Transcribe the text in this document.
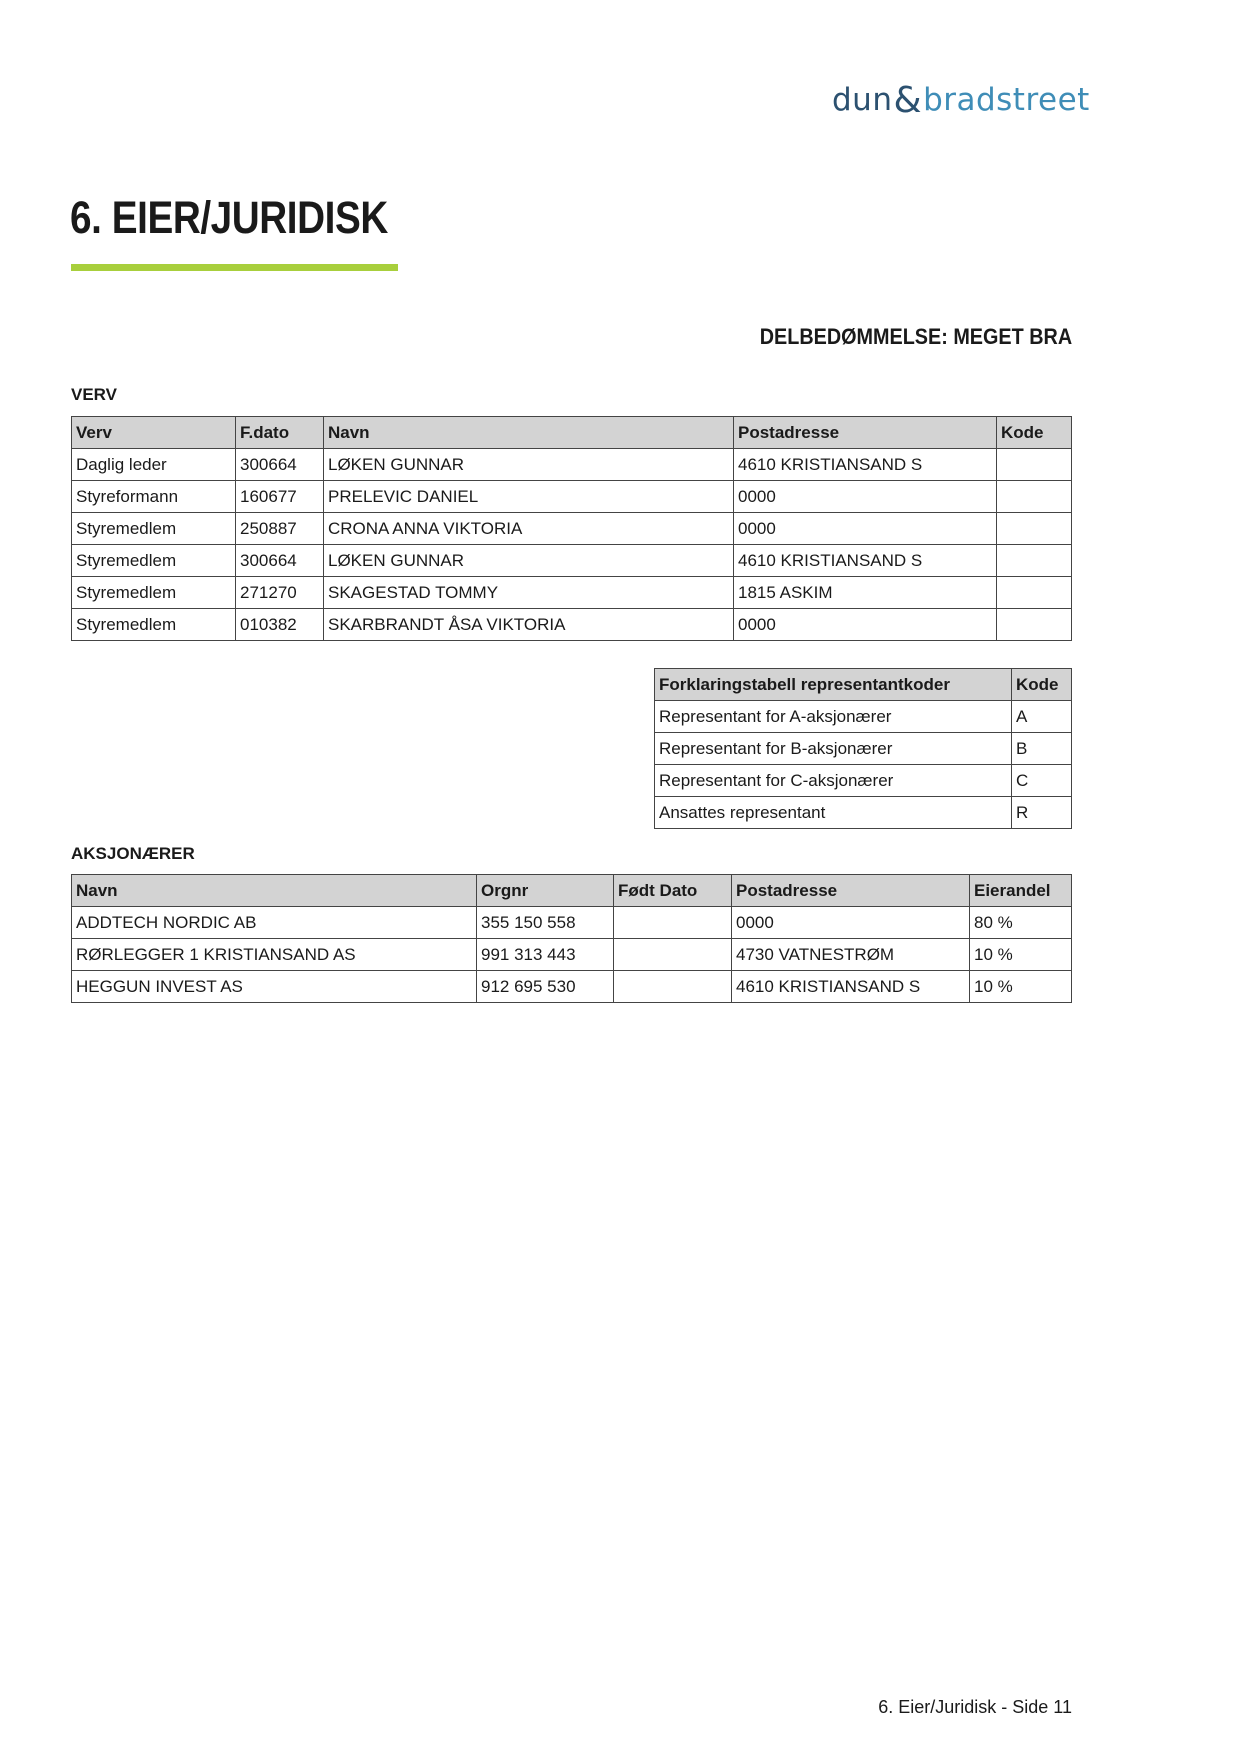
dun & bradstreet
6. EIER/JURIDISK
DELBEDØMMELSE: MEGET BRA
VERV
Verv	F.dato	Navn	Postadresse	Kode
Daglig leder	300664	LØKEN GUNNAR	4610 KRISTIANSAND S	
Styreformann	160677	PRELEVIC DANIEL	0000	
Styremedlem	250887	CRONA ANNA VIKTORIA	0000	
Styremedlem	300664	LØKEN GUNNAR	4610 KRISTIANSAND S	
Styremedlem	271270	SKAGESTAD TOMMY	1815 ASKIM	
Styremedlem	010382	SKARBRANDT ÅSA VIKTORIA	0000	
Forklaringstabell representantkoder	Kode
Representant for A-aksjonærer	A
Representant for B-aksjonærer	B
Representant for C-aksjonærer	C
Ansattes representant	R
AKSJONÆRER
Navn	Orgnr	Født Dato	Postadresse	Eierandel
ADDTECH NORDIC AB	355 150 558		0000	80 %
RØRLEGGER 1 KRISTIANSAND AS	991 313 443		4730 VATNESTRØM	10 %
HEGGUN INVEST AS	912 695 530		4610 KRISTIANSAND S	10 %
6. Eier/Juridisk - Side 11
